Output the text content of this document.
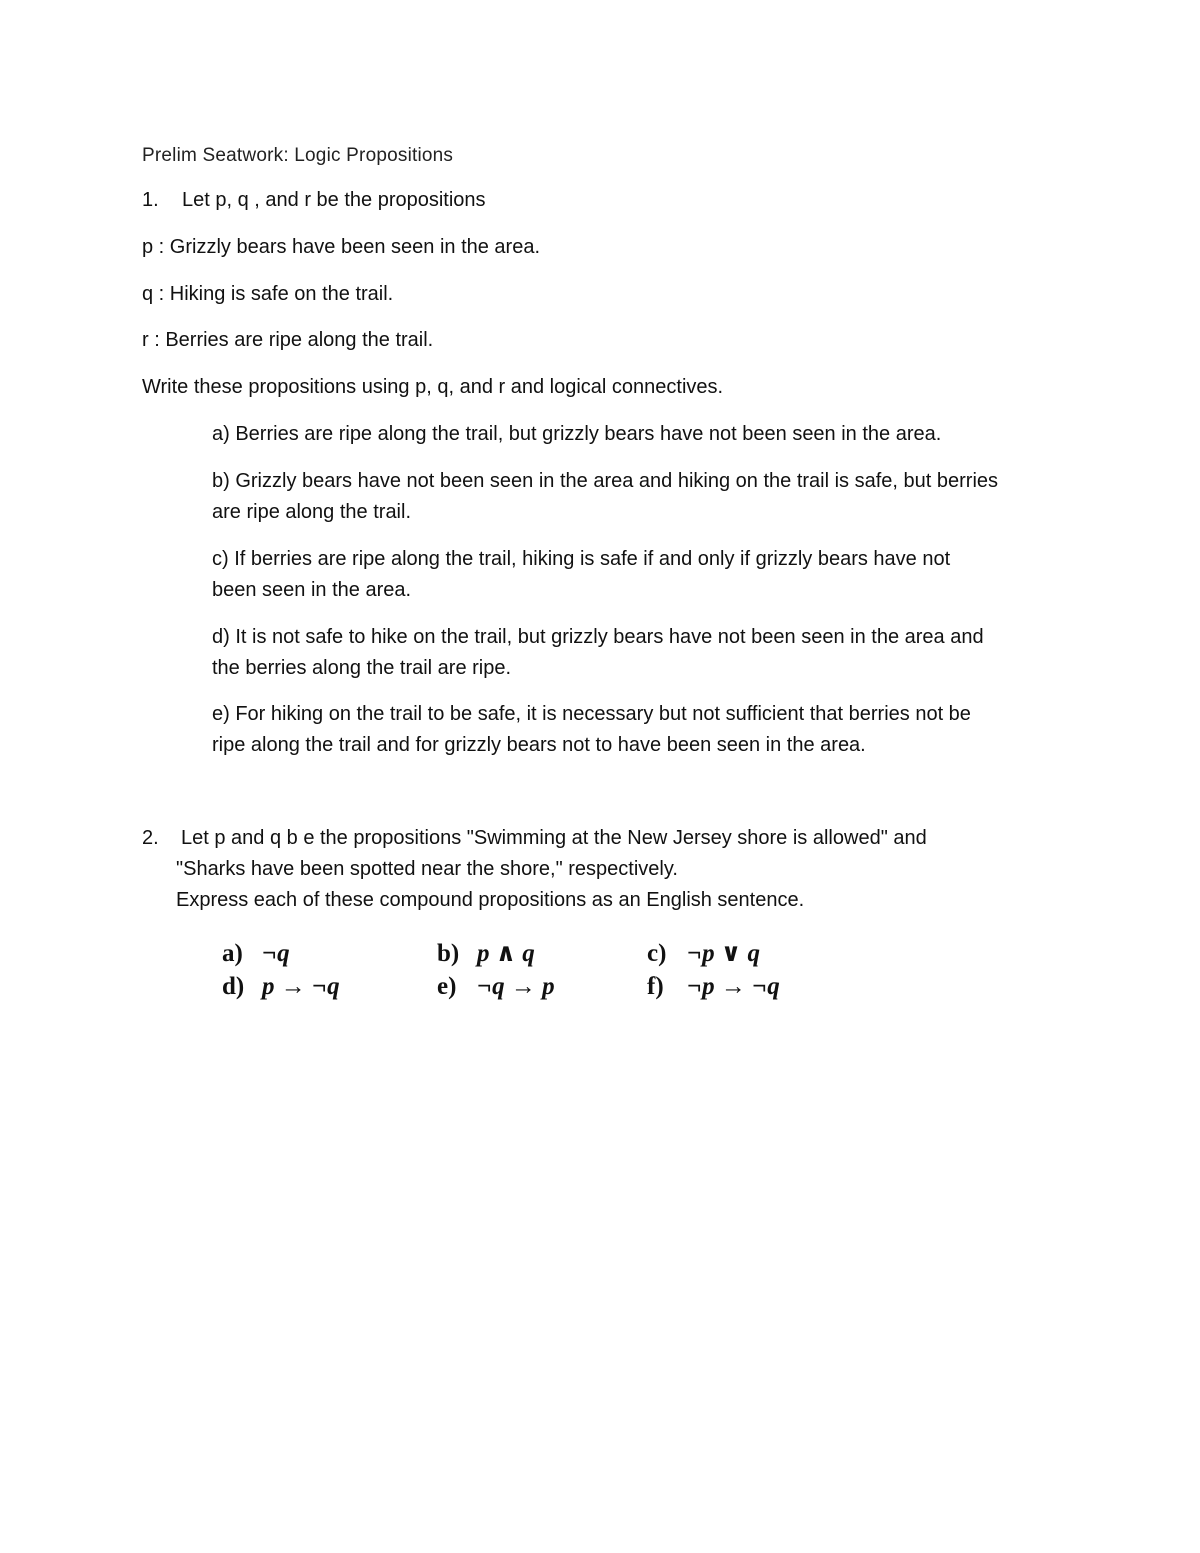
Prelim Seatwork: Logic Propositions
1. Let p, q , and r be the propositions
p : Grizzly bears have been seen in the area.
q : Hiking is safe on the trail.
r : Berries are ripe along the trail.
Write these propositions using p, q, and r and logical connectives.
a) Berries are ripe along the trail, but grizzly bears have not been seen in the area.
b) Grizzly bears have not been seen in the area and hiking on the trail is safe, but berries
are ripe along the trail.
c) If berries are ripe along the trail, hiking is safe if and only if grizzly bears have not
been seen in the area.
d) It is not safe to hike on the trail, but grizzly bears have not been seen in the area and
the berries along the trail are ripe.
e) For hiking on the trail to be safe, it is necessary but not sufficient that berries not be
ripe along the trail and for grizzly bears not to have been seen in the area.
2. Let p and q b e the propositions "Swimming at the New Jersey shore is allowed" and
"Sharks have been spotted near the shore," respectively.
Express each of these compound propositions as an English sentence.
a) ¬q	b) p ∧ q	c) ¬p ∨ q
d) p → ¬q	e) ¬q → p	f) ¬p → ¬q
